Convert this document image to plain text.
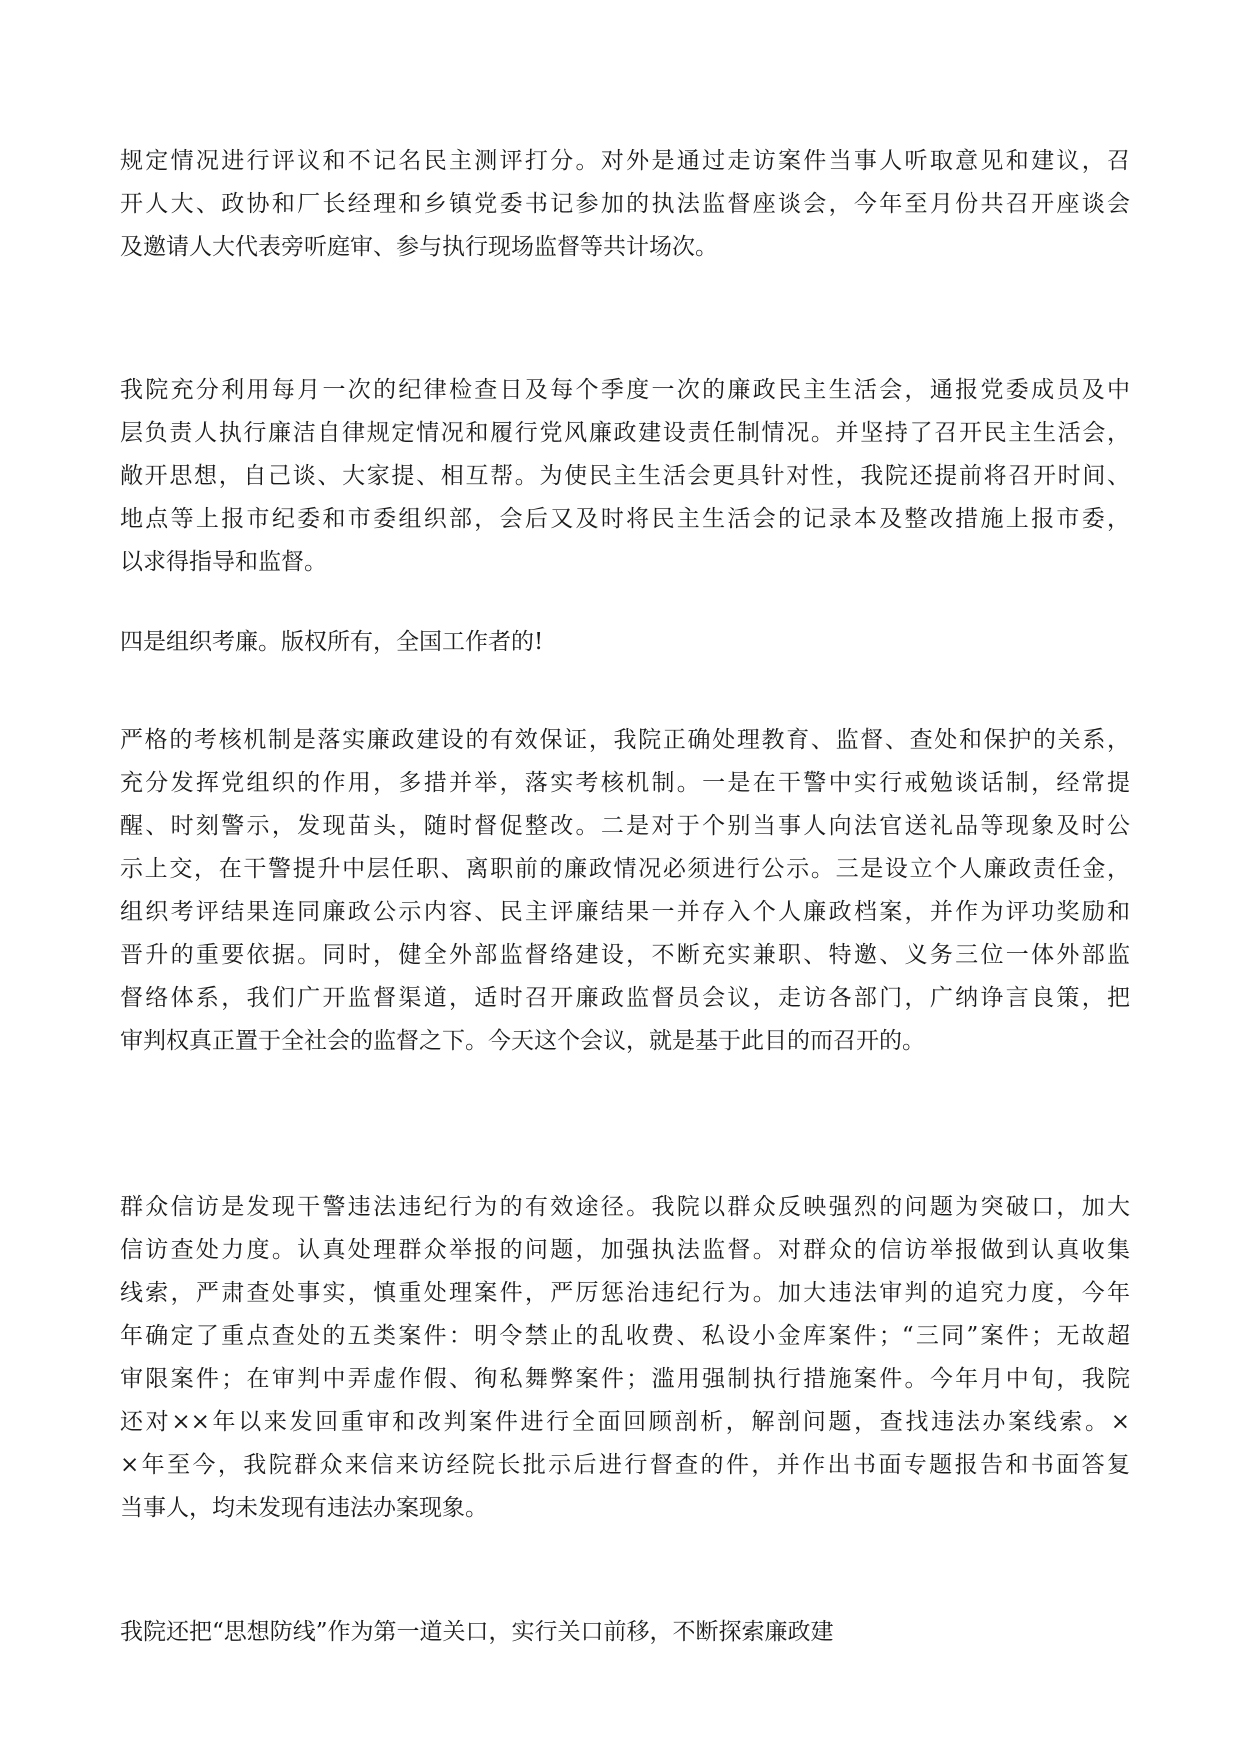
规定情况进行评议和不记名民主测评打分。对外是通过走访案件当事人听取意见和建议，召
开人大、政协和厂长经理和乡镇党委书记参加的执法监督座谈会，今年至月份共召开座谈会
及邀请人大代表旁听庭审、参与执行现场监督等共计场次。

我院充分利用每月一次的纪律检查日及每个季度一次的廉政民主生活会，通报党委成员及中
层负责人执行廉洁自律规定情况和履行党风廉政建设责任制情况。并坚持了召开民主生活会，
敞开思想，自己谈、大家提、相互帮。为使民主生活会更具针对性，我院还提前将召开时间、
地点等上报市纪委和市委组织部，会后又及时将民主生活会的记录本及整改措施上报市委，
以求得指导和监督。

四是组织考廉。版权所有，全国工作者的!

严格的考核机制是落实廉政建设的有效保证，我院正确处理教育、监督、查处和保护的关系，
充分发挥党组织的作用，多措并举，落实考核机制。一是在干警中实行戒勉谈话制，经常提
醒、时刻警示，发现苗头，随时督促整改。二是对于个别当事人向法官送礼品等现象及时公
示上交，在干警提升中层任职、离职前的廉政情况必须进行公示。三是设立个人廉政责任金，
组织考评结果连同廉政公示内容、民主评廉结果一并存入个人廉政档案，并作为评功奖励和
晋升的重要依据。同时，健全外部监督络建设，不断充实兼职、特邀、义务三位一体外部监
督络体系，我们广开监督渠道，适时召开廉政监督员会议，走访各部门，广纳诤言良策，把
审判权真正置于全社会的监督之下。今天这个会议，就是基于此目的而召开的。

群众信访是发现干警违法违纪行为的有效途径。我院以群众反映强烈的问题为突破口，加大
信访查处力度。认真处理群众举报的问题，加强执法监督。对群众的信访举报做到认真收集
线索，严肃查处事实，慎重处理案件，严厉惩治违纪行为。加大违法审判的追究力度，今年
年确定了重点查处的五类案件：明令禁止的乱收费、私设小金库案件；“三同”案件；无故超
审限案件；在审判中弄虚作假、徇私舞弊案件；滥用强制执行措施案件。今年月中旬，我院
还对××年以来发回重审和改判案件进行全面回顾剖析，解剖问题，查找违法办案线索。×
×年至今，我院群众来信来访经院长批示后进行督查的件，并作出书面专题报告和书面答复
当事人，均未发现有违法办案现象。

我院还把“思想防线”作为第一道关口，实行关口前移，不断探索廉政建
